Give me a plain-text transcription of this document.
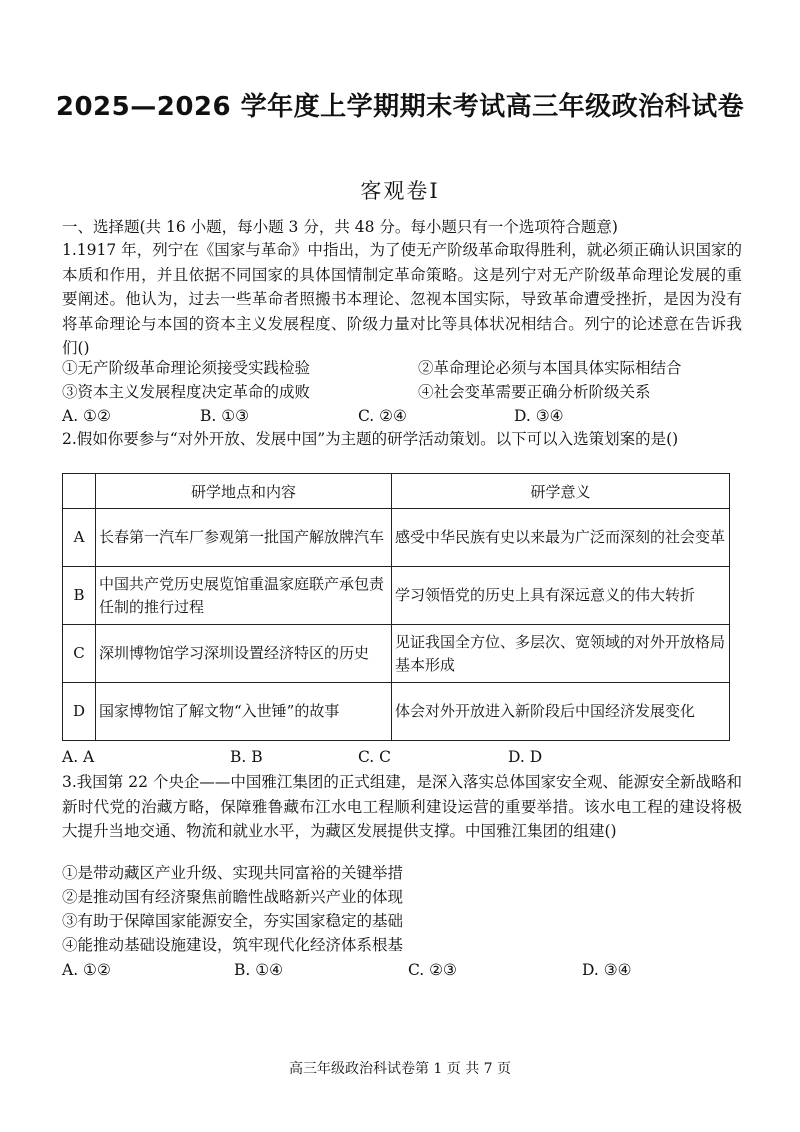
2025—2026 学年度上学期期末考试高三年级政治科试卷
客观卷Ⅰ
一、选择题(共 16 小题，每小题 3 分，共 48 分。每小题只有一个选项符合题意)
1.1917 年，列宁在《国家与革命》中指出，为了使无产阶级革命取得胜利，就必须正确认识国家的本质和作用，并且依据不同国家的具体国情制定革命策略。这是列宁对无产阶级革命理论发展的重要阐述。他认为，过去一些革命者照搬书本理论、忽视本国实际，导致革命遭受挫折，是因为没有将革命理论与本国的资本主义发展程度、阶级力量对比等具体状况相结合。列宁的论述意在告诉我们()
①无产阶级革命理论须接受实践检验	②革命理论必须与本国具体实际相结合
③资本主义发展程度决定革命的成败	④社会变革需要正确分析阶级关系
A. ①②	B. ①③	C. ②④	D. ③④
2.假如你要参与“对外开放、发展中国”为主题的研学活动策划。以下可以入选策划案的是()
	研学地点和内容	研学意义
A	长春第一汽车厂参观第一批国产解放牌汽车	感受中华民族有史以来最为广泛而深刻的社会变革
B	中国共产党历史展览馆重温家庭联产承包责任制的推行过程	学习领悟党的历史上具有深远意义的伟大转折
C	深圳博物馆学习深圳设置经济特区的历史	见证我国全方位、多层次、宽领域的对外开放格局基本形成
D	国家博物馆了解文物“入世锤”的故事	体会对外开放进入新阶段后中国经济发展变化
A. A	B. B	C. C	D. D
3.我国第 22 个央企——中国雅江集团的正式组建，是深入落实总体国家安全观、能源安全新战略和新时代党的治藏方略，保障雅鲁藏布江水电工程顺利建设运营的重要举措。该水电工程的建设将极大提升当地交通、物流和就业水平，为藏区发展提供支撑。中国雅江集团的组建()
①是带动藏区产业升级、实现共同富裕的关键举措
②是推动国有经济聚焦前瞻性战略新兴产业的体现
③有助于保障国家能源安全，夯实国家稳定的基础
④能推动基础设施建设，筑牢现代化经济体系根基
A. ①②	B. ①④	C. ②③	D. ③④
高三年级政治科试卷第 1 页 共 7 页
